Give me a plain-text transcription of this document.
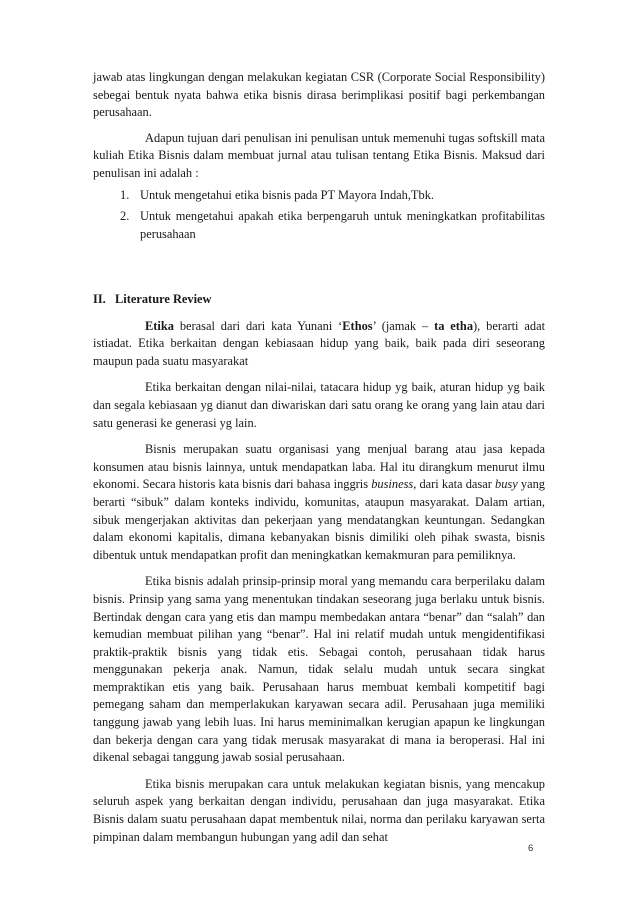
jawab atas lingkungan dengan melakukan kegiatan CSR (Corporate Social Responsibility) sebegai bentuk nyata bahwa etika bisnis dirasa berimplikasi positif bagi perkembangan perusahaan.

Adapun tujuan dari penulisan ini penulisan untuk memenuhi tugas softskill mata kuliah Etika Bisnis dalam membuat jurnal atau tulisan tentang Etika Bisnis. Maksud dari penulisan ini adalah :

1. Untuk mengetahui etika bisnis pada PT Mayora Indah,Tbk.
2. Untuk mengetahui apakah etika berpengaruh untuk meningkatkan profitabilitas perusahaan

II.   Literature Review

Etika berasal dari dari kata Yunani ‘Ethos’ (jamak – ta etha), berarti adat istiadat. Etika berkaitan dengan kebiasaan hidup yang baik, baik pada diri seseorang maupun pada suatu masyarakat

Etika berkaitan dengan nilai-nilai, tatacara hidup yg baik, aturan hidup yg baik dan segala kebiasaan yg dianut dan diwariskan dari satu orang ke orang yang lain atau dari satu generasi ke generasi yg lain.

Bisnis merupakan suatu organisasi yang menjual barang atau jasa kepada konsumen atau bisnis lainnya, untuk mendapatkan laba. Hal itu dirangkum menurut ilmu ekonomi. Secara historis kata bisnis dari bahasa inggris business, dari kata dasar busy yang berarti “sibuk” dalam konteks individu, komunitas, ataupun masyarakat. Dalam artian, sibuk mengerjakan aktivitas dan pekerjaan yang mendatangkan keuntungan. Sedangkan dalam ekonomi kapitalis, dimana kebanyakan bisnis dimiliki oleh pihak swasta, bisnis dibentuk untuk mendapatkan profit dan meningkatkan kemakmuran para pemiliknya.

Etika bisnis adalah prinsip-prinsip moral yang memandu cara berperilaku dalam bisnis. Prinsip yang sama yang menentukan tindakan seseorang juga berlaku untuk bisnis. Bertindak dengan cara yang etis dan mampu membedakan antara “benar” dan “salah” dan kemudian membuat pilihan yang “benar”. Hal ini relatif mudah untuk mengidentifikasi praktik-praktik bisnis yang tidak etis. Sebagai contoh, perusahaan tidak harus menggunakan pekerja anak. Namun, tidak selalu mudah untuk secara singkat mempraktikan etis yang baik. Perusahaan harus membuat kembali kompetitif bagi pemegang saham dan memperlakukan karyawan secara adil. Perusahaan juga memiliki tanggung jawab yang lebih luas. Ini harus meminimalkan kerugian apapun ke lingkungan dan bekerja dengan cara yang tidak merusak masyarakat di mana ia beroperasi. Hal ini dikenal sebagai tanggung jawab sosial perusahaan.

Etika bisnis merupakan cara untuk melakukan kegiatan bisnis, yang mencakup seluruh aspek yang berkaitan dengan individu, perusahaan dan juga masyarakat. Etika Bisnis dalam suatu perusahaan dapat membentuk nilai, norma dan perilaku karyawan serta pimpinan dalam membangun hubungan yang adil dan sehat

6
